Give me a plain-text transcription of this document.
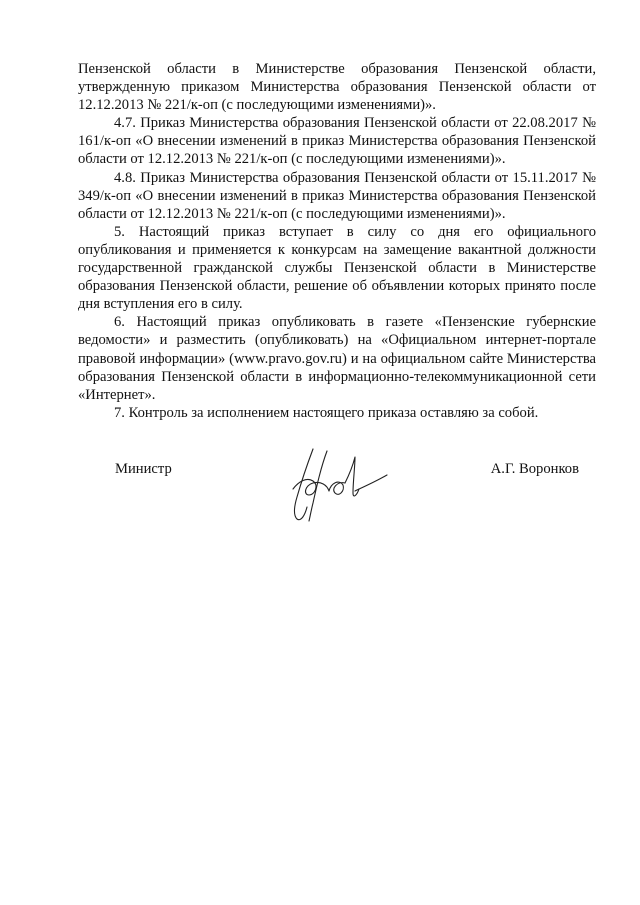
Пензенской области в Министерстве образования Пензенской области, утвержденную приказом Министерства образования Пензенской области от 12.12.2013 № 221/к-оп (с последующими изменениями)».

4.7. Приказ Министерства образования Пензенской области от 22.08.2017 № 161/к-оп «О внесении изменений в приказ Министерства образования Пензенской области от 12.12.2013 № 221/к-оп (с последующими изменениями)».

4.8. Приказ Министерства образования Пензенской области от 15.11.2017 № 349/к-оп «О внесении изменений в приказ Министерства образования Пензенской области от 12.12.2013 № 221/к-оп (с последующими изменениями)».

5. Настоящий приказ вступает в силу со дня его официального опубликования и применяется к конкурсам на замещение вакантной должности государственной гражданской службы Пензенской области в Министерстве образования Пензенской области, решение об объявлении которых принято после дня вступления его в силу.

6. Настоящий приказ опубликовать в газете «Пензенские губернские ведомости» и разместить (опубликовать) на «Официальном интернет-портале правовой информации» (www.pravo.gov.ru) и на официальном сайте Министерства образования Пензенской области в информационно-телекоммуникационной сети «Интернет».

7. Контроль за исполнением настоящего приказа оставляю за собой.

Министр	А.Г. Воронков
